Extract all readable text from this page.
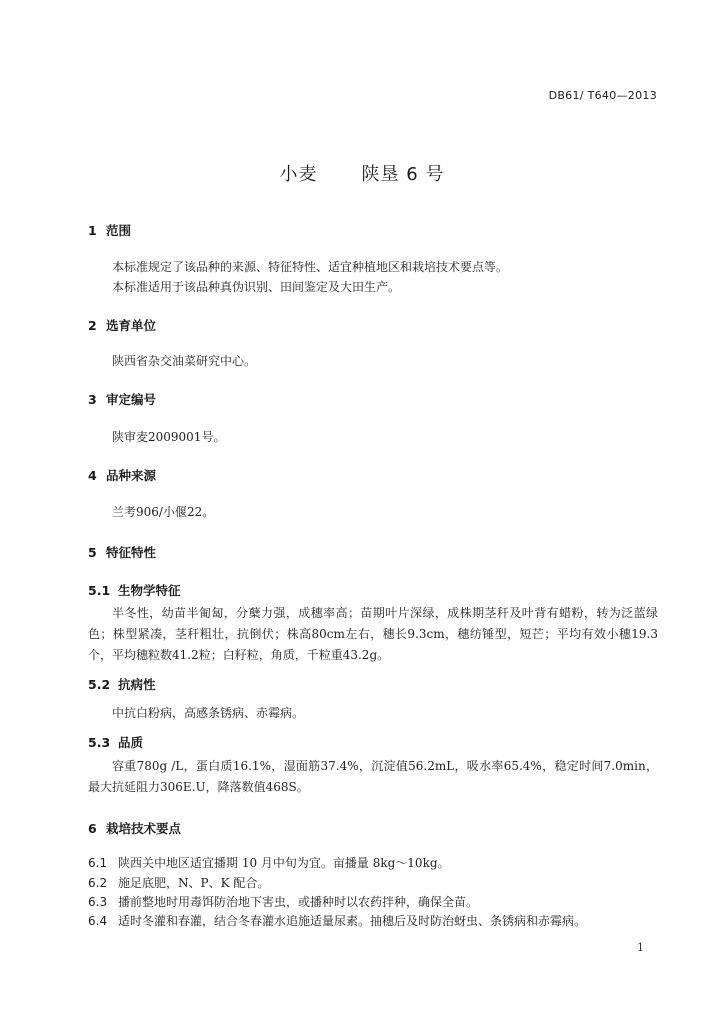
DB61/ T640—2013
小麦 陕垦 6 号
1 范围
本标准规定了该品种的来源、特征特性、适宜种植地区和栽培技术要点等。
本标准适用于该品种真伪识别、田间鉴定及大田生产。
2 选育单位
陕西省杂交油菜研究中心。
3 审定编号
陕审麦2009001号。
4 品种来源
兰考906/小偃22。
5 特征特性
5.1 生物学特征
半冬性，幼苗半匍匐，分蘖力强，成穗率高；苗期叶片深绿，成株期茎秆及叶背有蜡粉，转为泛蓝绿色；株型紧凑，茎秆粗壮，抗倒伏；株高80cm左右，穗长9.3cm，穗纺锤型，短芒；平均有效小穗19.3个，平均穗粒数41.2粒；白籽粒，角质，千粒重43.2g。
5.2 抗病性
中抗白粉病，高感条锈病、赤霉病。
5.3 品质
容重780g /L，蛋白质16.1%，湿面筋37.4%，沉淀值56.2mL，吸水率65.4%，稳定时间7.0min，最大抗延阻力306E.U，降落数值468S。
6 栽培技术要点
6.1 陕西关中地区适宜播期 10 月中旬为宜。亩播量 8kg～10kg。
6.2 施足底肥，N、P、K 配合。
6.3 播前整地时用毒饵防治地下害虫，或播种时以农药拌种，确保全苗。
6.4 适时冬灌和春灌，结合冬春灌水追施适量尿素。抽穗后及时防治蚜虫、条锈病和赤霉病。
1
